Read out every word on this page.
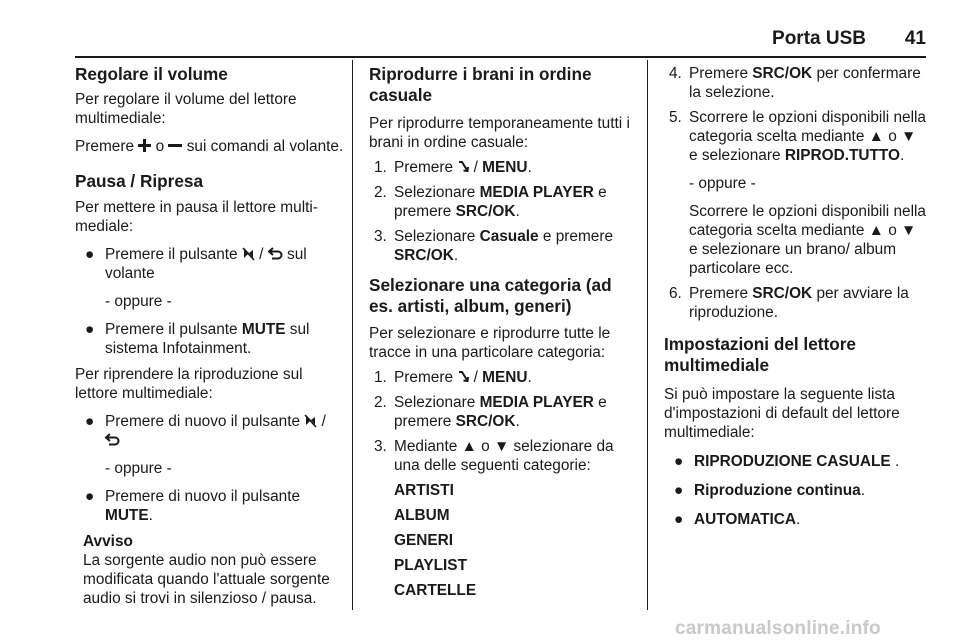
Porta USB 41
Regolare il volume

Per regolare il volume del lettore multimediale:

Premere o sui comandi al volante.

Pausa / Ripresa

Per mettere in pausa il lettore multi‐ mediale:

● Premere il pulsante / sul volante

- oppure -

● Premere il pulsante MUTE sul sistema Infotainment.

Per riprendere la riproduzione sul lettore multimediale:

● Premere di nuovo il pulsante /

- oppure -

● Premere di nuovo il pulsante MUTE.

Avviso

La sorgente audio non può essere modificata quando l'attuale sorgente audio si trovi in silenzioso / pausa.

Riprodurre i brani in ordine casuale

Per riprodurre temporaneamente tutti i brani in ordine casuale:

1. Premere / MENU.
2. Selezionare MEDIA PLAYER e premere SRC/OK.
3. Selezionare Casuale e premere SRC/OK.
Selezionare una categoria (ad es. artisti, album, generi)

Per selezionare e riprodurre tutte le tracce in una particolare categoria:

1. Premere / MENU.
2. Selezionare MEDIA PLAYER e premere SRC/OK.
3. Mediante ▲ o ▼ selezionare da una delle seguenti categorie:

ARTISTI

ALBUM

GENERI

PLAYLIST

CARTELLE

4. Premere SRC/OK per confermare la selezione.
5. Scorrere le opzioni disponibili nella categoria scelta mediante ▲ o ▼ e selezionare RIPROD.TUTTO.

- oppure -

Scorrere le opzioni disponibili nella categoria scelta mediante ▲ o ▼ e selezionare un brano/ album particolare ecc.
6. Premere SRC/OK per avviare la riproduzione.
Impostazioni del lettore multimediale

Si può impostare la seguente lista d'impostazioni di default del lettore multimediale:

● RIPRODUZIONE CASUALE .
● Riproduzione continua.
● AUTOMATICA.
carmanualsonline.info
